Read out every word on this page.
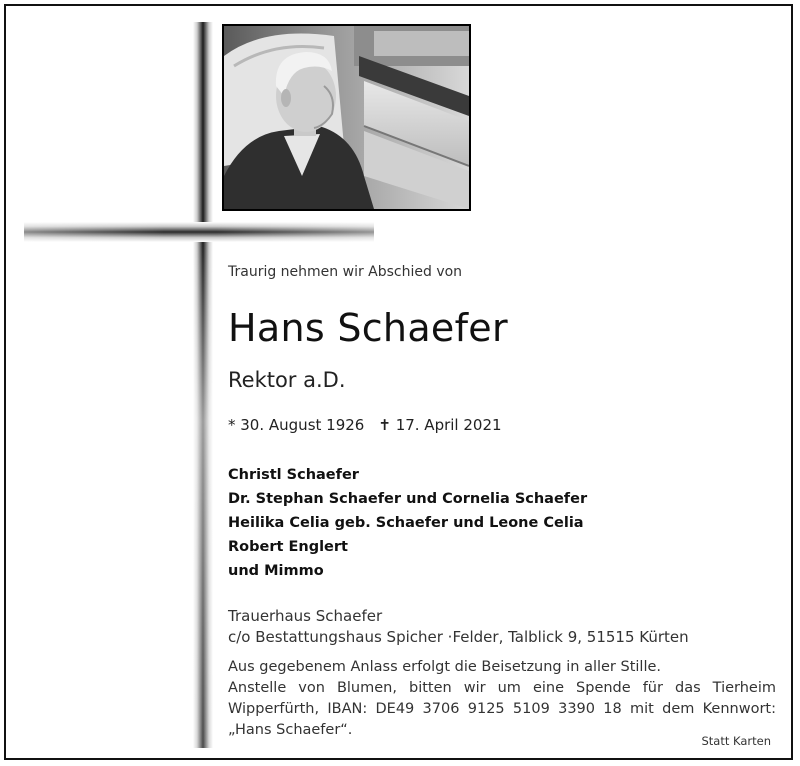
Traurig nehmen wir Abschied von
Hans Schaefer
Rektor a.D.
* 30. August 1926 ✝ 17. April 2021
Christl Schaefer
Dr. Stephan Schaefer und Cornelia Schaefer
Heilika Celia geb. Schaefer und Leone Celia
Robert Englert
und Mimmo
Trauerhaus Schaefer
c/o Bestattungshaus Spicher ·Felder, Talblick 9, 51515 Kürten
Aus gegebenem Anlass erfolgt die Beisetzung in aller Stille.
Anstelle von Blumen, bitten wir um eine Spende für das Tierheim
Wipperfürth, IBAN: DE49 3706 9125 5109 3390 18 mit dem Kennwort:
„Hans Schaefer“.
Statt Karten
